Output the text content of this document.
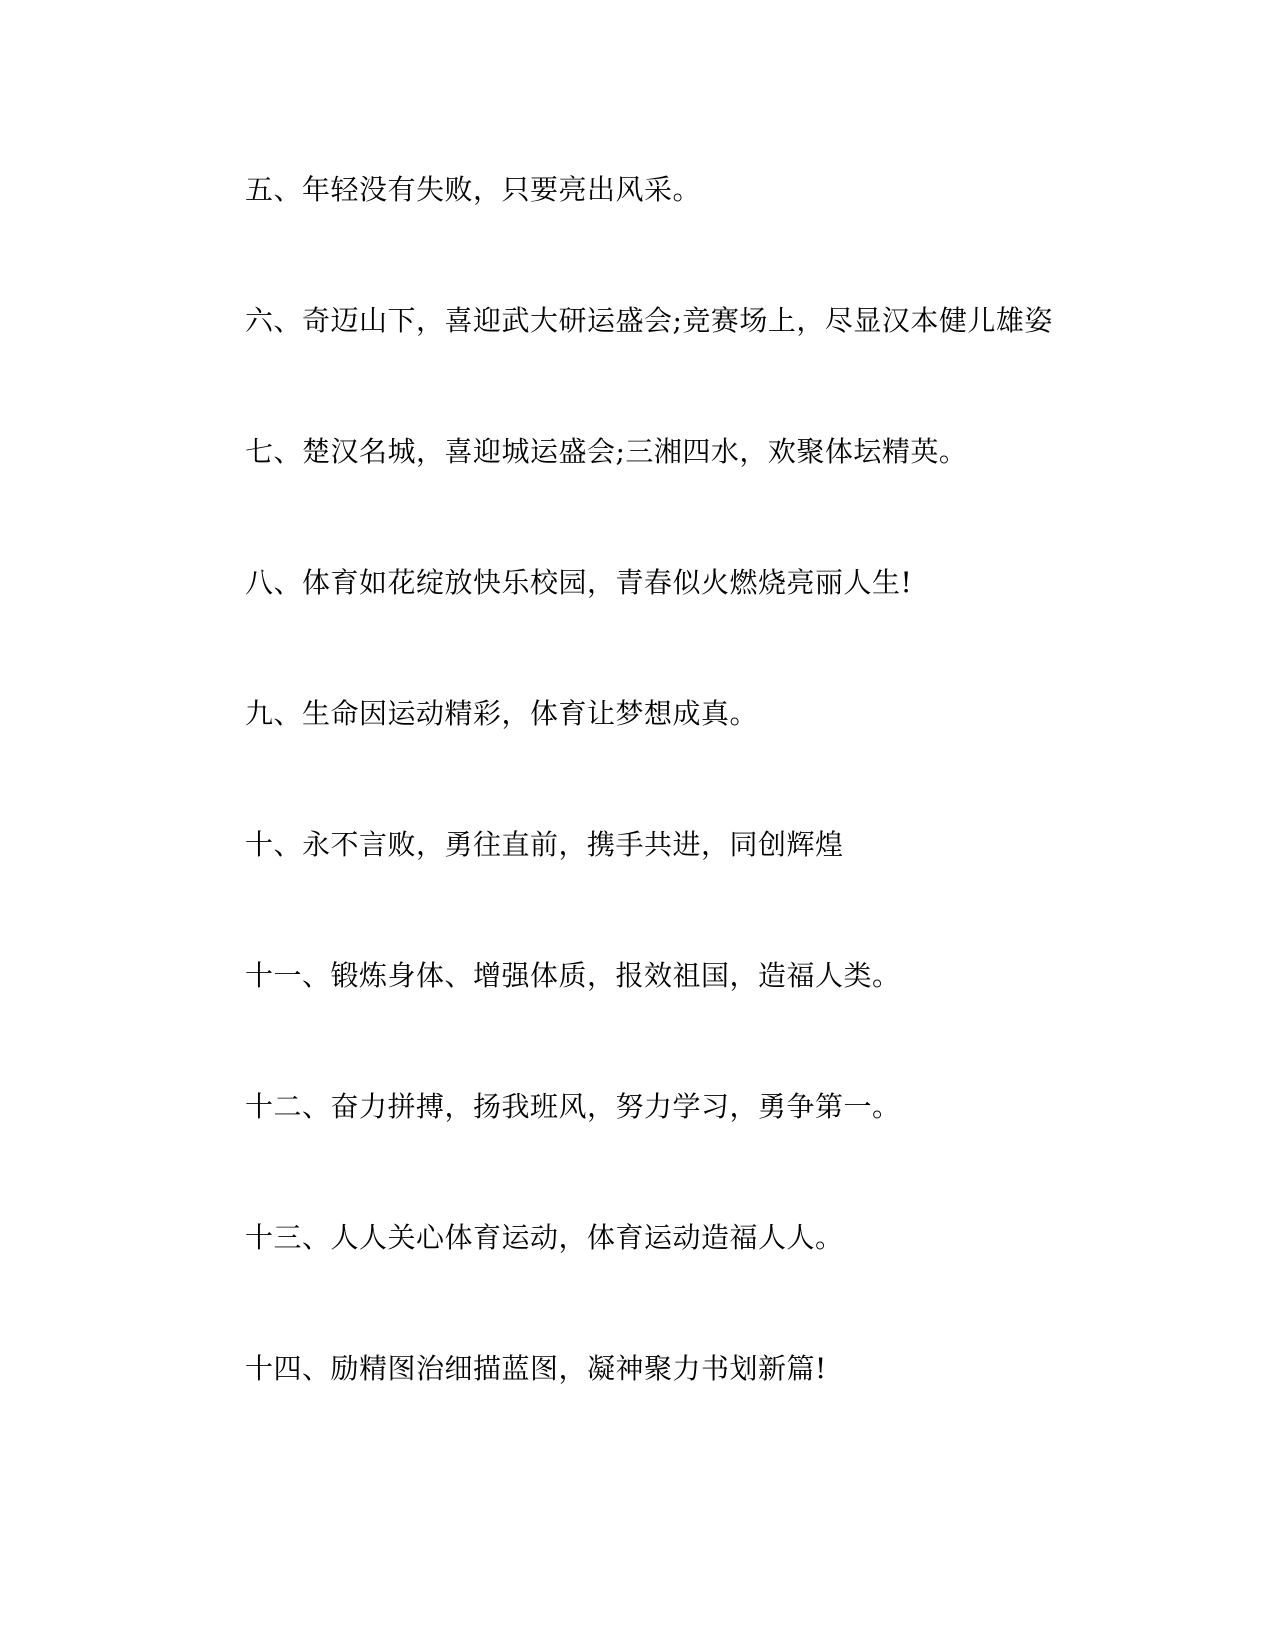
五、年轻没有失败，只要亮出风采。
六、奇迈山下，喜迎武大研运盛会;竞赛场上，尽显汉本健儿雄姿
七、楚汉名城，喜迎城运盛会;三湘四水，欢聚体坛精英。
八、体育如花绽放快乐校园，青春似火燃烧亮丽人生!
九、生命因运动精彩，体育让梦想成真。
十、永不言败，勇往直前，携手共进，同创辉煌
十一、锻炼身体、增强体质，报效祖国，造福人类。
十二、奋力拼搏，扬我班风，努力学习，勇争第一。
十三、人人关心体育运动，体育运动造福人人。
十四、励精图治细描蓝图，凝神聚力书划新篇!
